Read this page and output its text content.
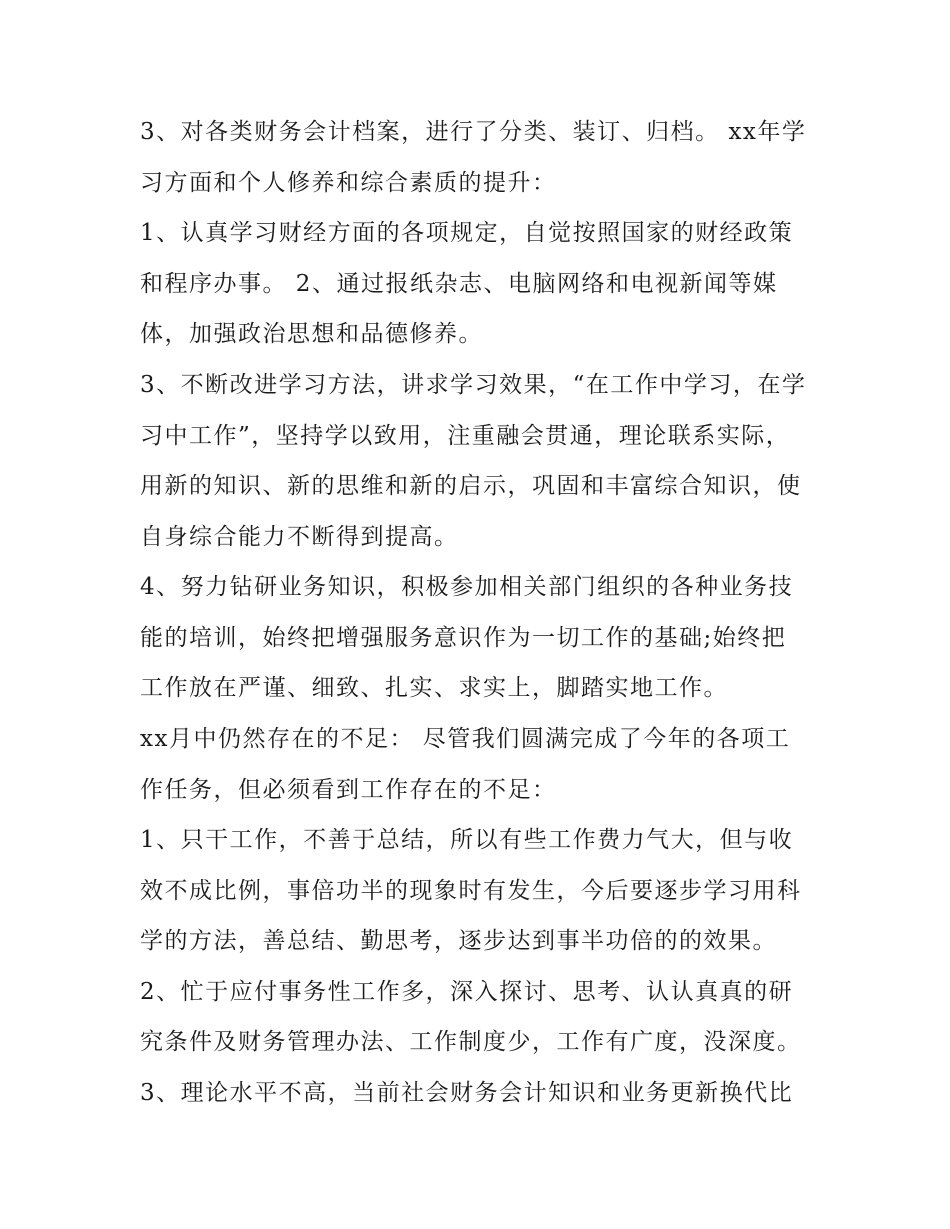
3、对各类财务会计档案，进行了分类、装订、归档。 xx年学
习方面和个人修养和综合素质的提升：
1、认真学习财经方面的各项规定，自觉按照国家的财经政策
和程序办事。 2、通过报纸杂志、电脑网络和电视新闻等媒
体，加强政治思想和品德修养。
3、不断改进学习方法，讲求学习效果，“在工作中学习，在学
习中工作”，坚持学以致用，注重融会贯通，理论联系实际，
用新的知识、新的思维和新的启示，巩固和丰富综合知识，使
自身综合能力不断得到提高。
4、努力钻研业务知识，积极参加相关部门组织的各种业务技
能的培训，始终把增强服务意识作为一切工作的基础;始终把
工作放在严谨、细致、扎实、求实上，脚踏实地工作。
xx月中仍然存在的不足： 尽管我们圆满完成了今年的各项工
作任务，但必须看到工作存在的不足：
1、只干工作，不善于总结，所以有些工作费力气大，但与收
效不成比例，事倍功半的现象时有发生，今后要逐步学习用科
学的方法，善总结、勤思考，逐步达到事半功倍的的效果。
2、忙于应付事务性工作多，深入探讨、思考、认认真真的研
究条件及财务管理办法、工作制度少，工作有广度，没深度。
3、理论水平不高，当前社会财务会计知识和业务更新换代比
